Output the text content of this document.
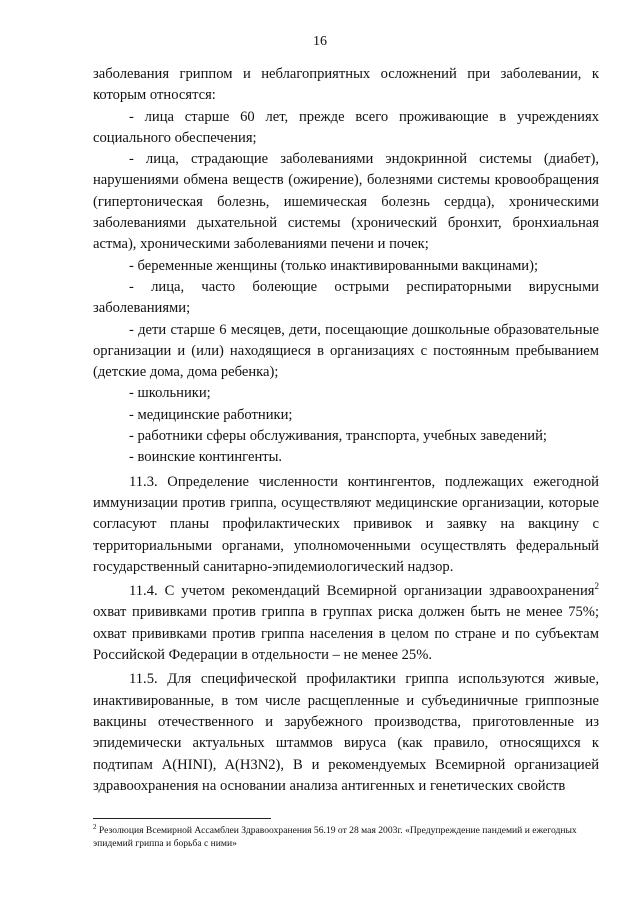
16

заболевания гриппом и неблагоприятных осложнений при заболевании, к которым относятся:

- лица старше 60 лет, прежде всего проживающие в учреждениях социального обеспечения;

- лица, страдающие заболеваниями эндокринной системы (диабет), нарушениями обмена веществ (ожирение), болезнями системы кровообращения (гипертоническая болезнь, ишемическая болезнь сердца), хроническими заболеваниями дыхательной системы (хронический бронхит, бронхиальная астма), хроническими заболеваниями печени и почек;

- беременные женщины (только инактивированными вакцинами);

- лица, часто болеющие острыми респираторными вирусными заболеваниями;

- дети старше 6 месяцев, дети, посещающие дошкольные образовательные организации и (или) находящиеся в организациях с постоянным пребыванием (детские дома, дома ребенка);

- школьники;

- медицинские работники;

- работники сферы обслуживания, транспорта, учебных заведений;

- воинские контингенты.

11.3. Определение численности контингентов, подлежащих ежегодной иммунизации против гриппа, осуществляют медицинские организации, которые согласуют планы профилактических прививок и заявку на вакцину с территориальными органами, уполномоченными осуществлять федеральный государственный санитарно-эпидемиологический надзор.

11.4. С учетом рекомендаций Всемирной организации здравоохранения$^2$ охват прививками против гриппа в группах риска должен быть не менее 75%; охват прививками против гриппа населения в целом по стране и по субъектам Российской Федерации в отдельности – не менее 25%.

11.5. Для специфической профилактики гриппа используются живые, инактивированные, в том числе расщепленные и субъединичные гриппозные вакцины отечественного и зарубежного производства, приготовленные из эпидемически актуальных штаммов вируса (как правило, относящихся к подтипам A(HINI), A(H3N2), B и рекомендуемых Всемирной организацией здравоохранения на основании анализа антигенных и генетических свойств

$^2$ Резолюция Всемирной Ассамблеи Здравоохранения 56.19 от 28 мая 2003г. «Предупреждение пандемий и ежегодных эпидемий гриппа и борьба с ними»
